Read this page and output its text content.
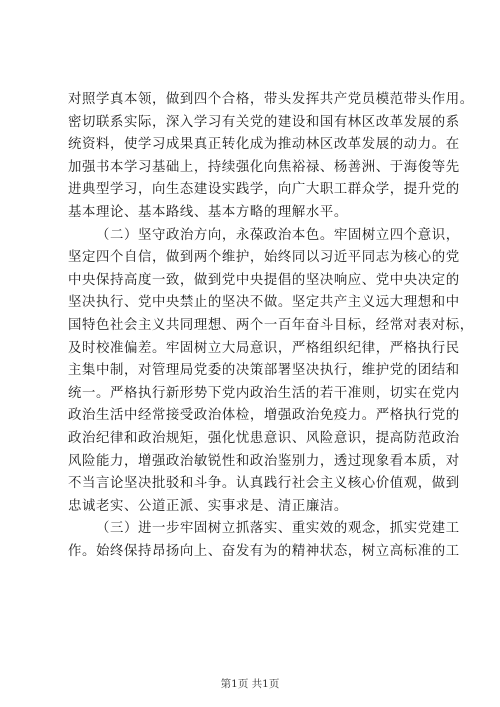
对照学真本领，做到四个合格，带头发挥共产党员模范带头作用。
密切联系实际，深入学习有关党的建设和国有林区改革发展的系
统资料，使学习成果真正转化成为推动林区改革发展的动力。在
加强书本学习基础上，持续强化向焦裕禄、杨善洲、于海俊等先
进典型学习，向生态建设实践学，向广大职工群众学，提升党的
基本理论、基本路线、基本方略的理解水平。
（二）坚守政治方向，永葆政治本色。牢固树立四个意识，
坚定四个自信，做到两个维护，始终同以习近平同志为核心的党
中央保持高度一致，做到党中央提倡的坚决响应、党中央决定的
坚决执行、党中央禁止的坚决不做。坚定共产主义远大理想和中
国特色社会主义共同理想、两个一百年奋斗目标，经常对表对标，
及时校准偏差。牢固树立大局意识，严格组织纪律，严格执行民
主集中制，对管理局党委的决策部署坚决执行，维护党的团结和
统一。严格执行新形势下党内政治生活的若干准则，切实在党内
政治生活中经常接受政治体检，增强政治免疫力。严格执行党的
政治纪律和政治规矩，强化忧患意识、风险意识，提高防范政治
风险能力，增强政治敏锐性和政治鉴别力，透过现象看本质，对
不当言论坚决批驳和斗争。认真践行社会主义核心价值观，做到
忠诚老实、公道正派、实事求是、清正廉洁。
（三）进一步牢固树立抓落实、重实效的观念，抓实党建工
作。始终保持昂扬向上、奋发有为的精神状态，树立高标准的工
第1页 共1页
